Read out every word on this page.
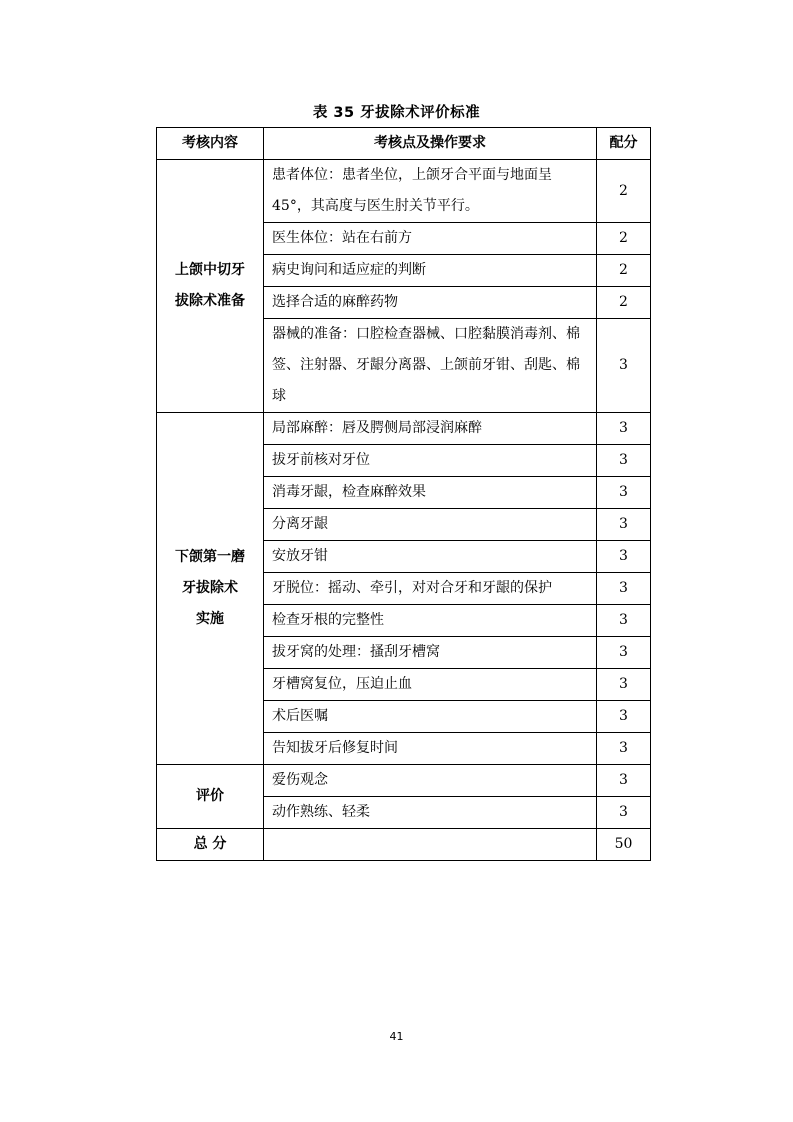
表 35 牙拔除术评价标准
考核内容	考核点及操作要求	配分

上颌中切牙
拔除术准备	患者体位：患者坐位，上颌牙合平面与地面呈45°，其高度与医生肘关节平行。	2
	医生体位：站在右前方	2
	病史询问和适应症的判断	2
	选择合适的麻醉药物	2
	器械的准备：口腔检查器械、口腔黏膜消毒剂、棉签、注射器、牙龈分离器、上颌前牙钳、刮匙、棉球	3

下颌第一磨
牙拔除术
实施	局部麻醉：唇及腭侧局部浸润麻醉	3
	拔牙前核对牙位	3
	消毒牙龈，检查麻醉效果	3
	分离牙龈	3
	安放牙钳	3
	牙脱位：摇动、牵引，对对合牙和牙龈的保护	3
	检查牙根的完整性	3
	拔牙窝的处理：搔刮牙槽窝	3
	牙槽窝复位，压迫止血	3
	术后医嘱	3
	告知拔牙后修复时间	3

评价	爱伤观念	3
	动作熟练、轻柔	3
总 分		50
41
